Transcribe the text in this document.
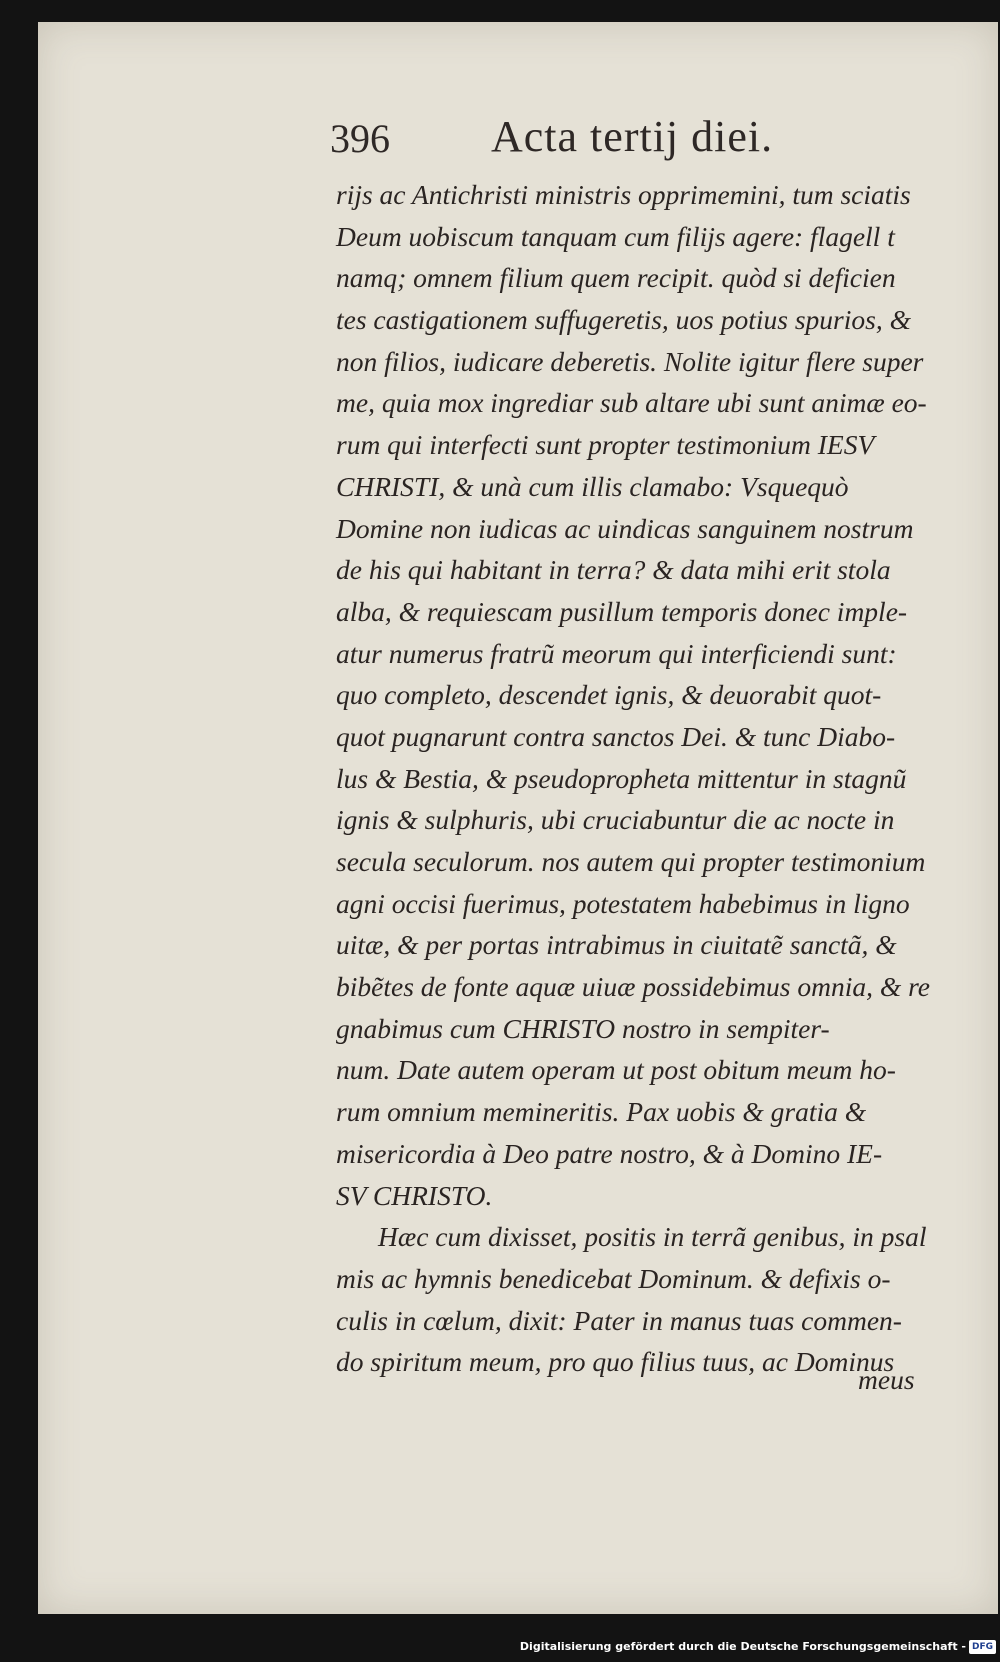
396 Acta tertij diei.
rijs ac Antichristi ministris opprimemini, tum sciatis
Deum uobiscum tanquam cum filijs agere: flagell t
namq; omnem filium quem recipit. quòd si deficien
tes castigationem suffugeretis, uos potius spurios, &
non filios, iudicare deberetis. Nolite igitur flere super
me, quia mox ingrediar sub altare ubi sunt animæ eo-
rum qui interfecti sunt propter testimonium IESV
CHRISTI, & unà cum illis clamabo: Vsquequò
Domine non iudicas ac uindicas sanguinem nostrum
de his qui habitant in terra? & data mihi erit stola
alba, & requiescam pusillum temporis donec imple-
atur numerus fratrũ meorum qui interficiendi sunt:
quo completo, descendet ignis, & deuorabit quot-
quot pugnarunt contra sanctos Dei. & tunc Diabo-
lus & Bestia, & pseudopropheta mittentur in stagnũ
ignis & sulphuris, ubi cruciabuntur die ac nocte in
secula seculorum. nos autem qui propter testimonium
agni occisi fuerimus, potestatem habebimus in ligno
uitæ, & per portas intrabimus in ciuitatẽ sanctã, &
bibẽtes de fonte aquæ uiuæ possidebimus omnia, & re
gnabimus cum CHRISTO nostro in sempiter-
num. Date autem operam ut post obitum meum ho-
rum omnium memineritis. Pax uobis & gratia &
misericordia à Deo patre nostro, & à Domino IE-
SV CHRISTO.
Hæc cum dixisset, positis in terrã genibus, in psal
mis ac hymnis benedicebat Dominum. & defixis o-
culis in cœlum, dixit: Pater in manus tuas commen-
do spiritum meum, pro quo filius tuus, ac Dominus
meus
Digitalisierung gefördert durch die Deutsche Forschungsgemeinschaft - DFG
